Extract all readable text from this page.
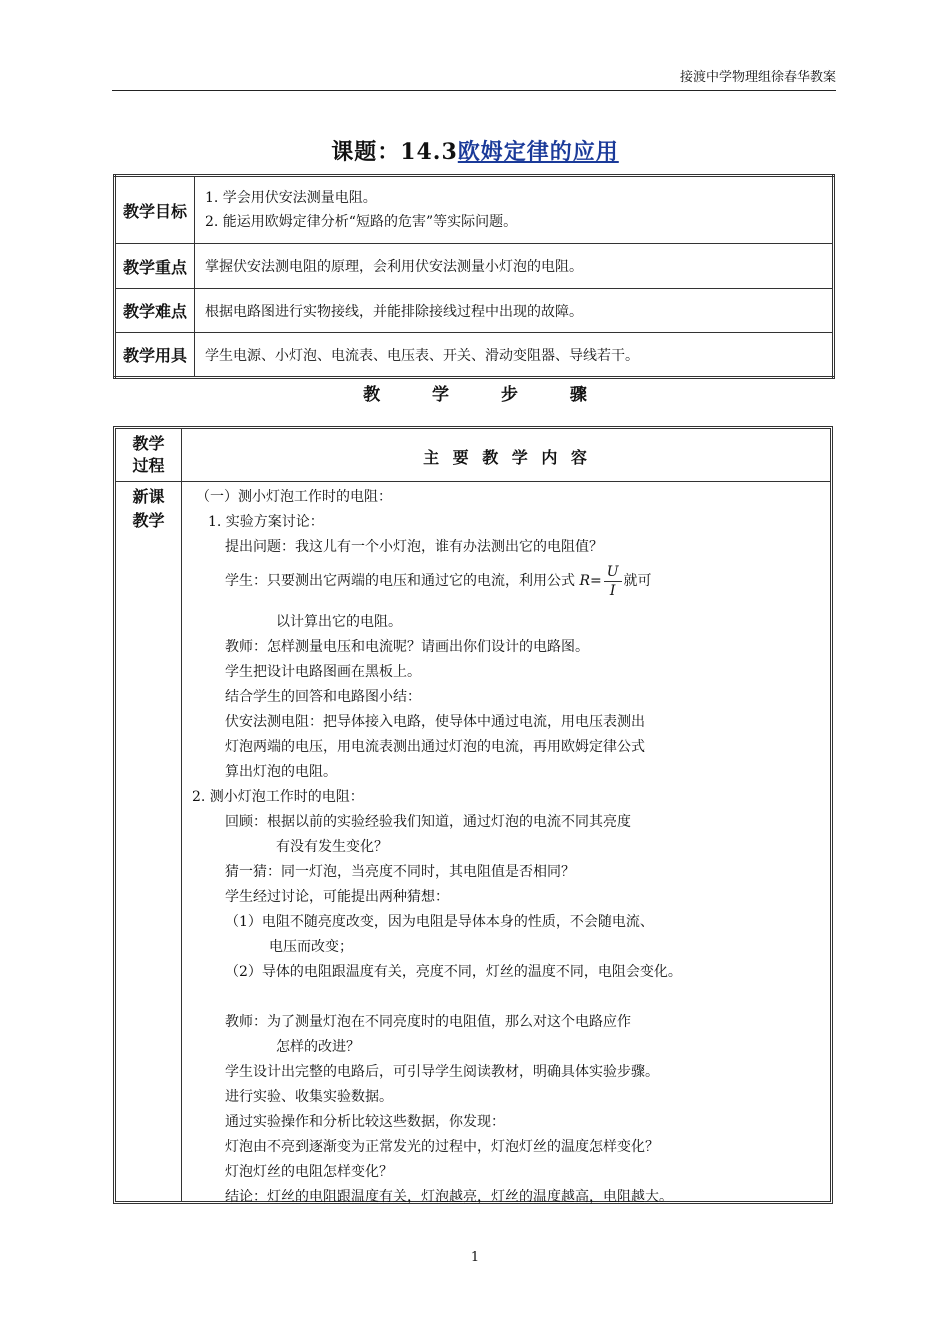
接渡中学物理组徐春华教案
课题：14.3欧姆定律的应用
教学目标	1. 学会用伏安法测量电阻。
2. 能运用欧姆定律分析“短路的危害”等实际问题。

教学重点	掌握伏安法测电阻的原理，会利用伏安法测量小灯泡的电阻。
教学难点	根据电路图进行实物接线，并能排除接线过程中出现的故障。
教学用具	学生电源、小灯泡、电流表、电压表、开关、滑动变阻器、导线若干。
教 学 步 骤
教学
过程	主 要 教 学 内 容
新课
教学
（一）测小灯泡工作时的电阻：
1. 实验方案讨论：
提出问题：我这儿有一个小灯泡，谁有办法测出它的电阻值？
学生：只要测出它两端的电压和通过它的电流，利用公式 $R= \frac{U}{I}$ 就可
以计算出它的电阻。
教师：怎样测量电压和电流呢？请画出你们设计的电路图。
学生把设计电路图画在黑板上。
结合学生的回答和电路图小结：
伏安法测电阻：把导体接入电路，使导体中通过电流，用电压表测出
灯泡两端的电压，用电流表测出通过灯泡的电流，再用欧姆定律公式
算出灯泡的电阻。
2. 测小灯泡工作时的电阻：
回顾：根据以前的实验经验我们知道，通过灯泡的电流不同其亮度
有没有发生变化？
猜一猜：同一灯泡，当亮度不同时，其电阻值是否相同？
学生经过讨论，可能提出两种猜想：
（1）电阻不随亮度改变，因为电阻是导体本身的性质，不会随电流、
电压而改变；
（2）导体的电阻跟温度有关，亮度不同，灯丝的温度不同，电阻会变化。
教师：为了测量灯泡在不同亮度时的电阻值，那么对这个电路应作
怎样的改进？
学生设计出完整的电路后，可引导学生阅读教材，明确具体实验步骤。
进行实验、收集实验数据。
通过实验操作和分析比较这些数据，你发现：
灯泡由不亮到逐渐变为正常发光的过程中，灯泡灯丝的温度怎样变化？
灯泡灯丝的电阻怎样变化？
结论：灯丝的电阻跟温度有关，灯泡越亮，灯丝的温度越高，电阻越大。
1
